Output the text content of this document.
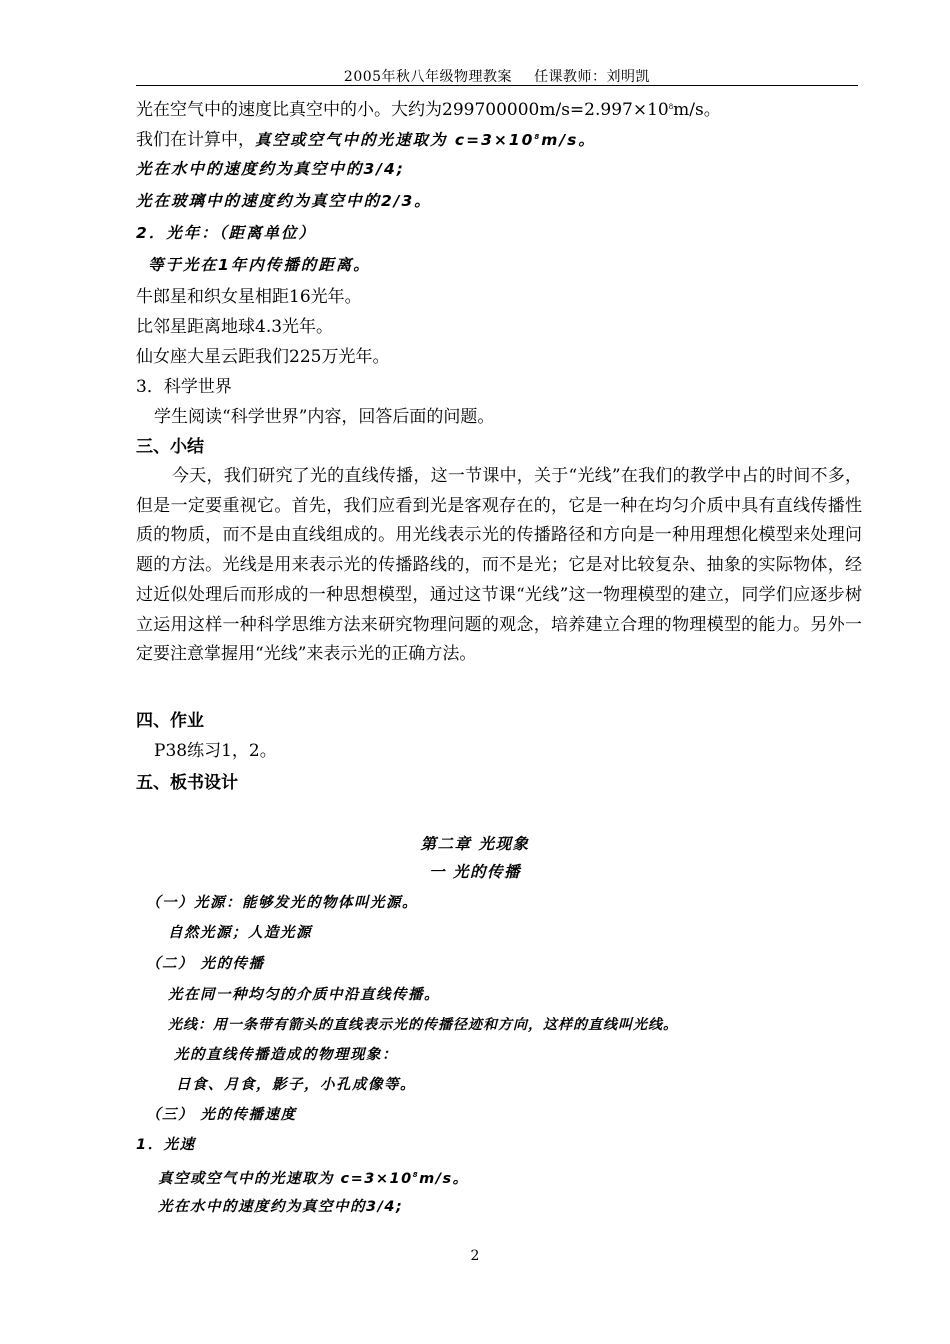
2005年秋八年级物理教案 任课教师：刘明凯
光在空气中的速度比真空中的小。大约为$299700000m/s=2.997\times 10^8m/s$。
我们在计算中，真空或空气中的光速取为 $c=3\times 10^8m/s$。
光在水中的速度约为真空中的3/4;
光在玻璃中的速度约为真空中的2/3。
2．光年：（距离单位）
等于光在1年内传播的距离。
牛郎星和织女星相距16光年。
比邻星距离地球4.3光年。
仙女座大星云距我们225万光年。
3．科学世界
学生阅读“科学世界”内容，回答后面的问题。
三、小结
今天，我们研究了光的直线传播，这一节课中，关于“光线”在我们的教学中占的时间不多，但是一定要重视它。首先，我们应看到光是客观存在的，它是一种在均匀介质中具有直线传播性质的物质，而不是由直线组成的。用光线表示光的传播路径和方向是一种用理想化模型来处理问题的方法。光线是用来表示光的传播路线的，而不是光；它是对比较复杂、抽象的实际物体，经过近似处理后而形成的一种思想模型，通过这节课“光线”这一物理模型的建立，同学们应逐步树立运用这样一种科学思维方法来研究物理问题的观念，培养建立合理的物理模型的能力。另外一定要注意掌握用“光线”来表示光的正确方法。
四、作业
P38练习1，2。
五、板书设计
第二章 光现象
一 光的传播
（一）光源：能够发光的物体叫光源。
自然光源；人造光源
（二） 光的传播
光在同一种均匀的介质中沿直线传播。
光线：用一条带有箭头的直线表示光的传播径迹和方向，这样的直线叫光线。
光的直线传播造成的物理现象：
日食、月食，影子，小孔成像等。
（三） 光的传播速度
1．光速
真空或空气中的光速取为 $c=3\times 10^8m/s$。
光在水中的速度约为真空中的3/4;
2
